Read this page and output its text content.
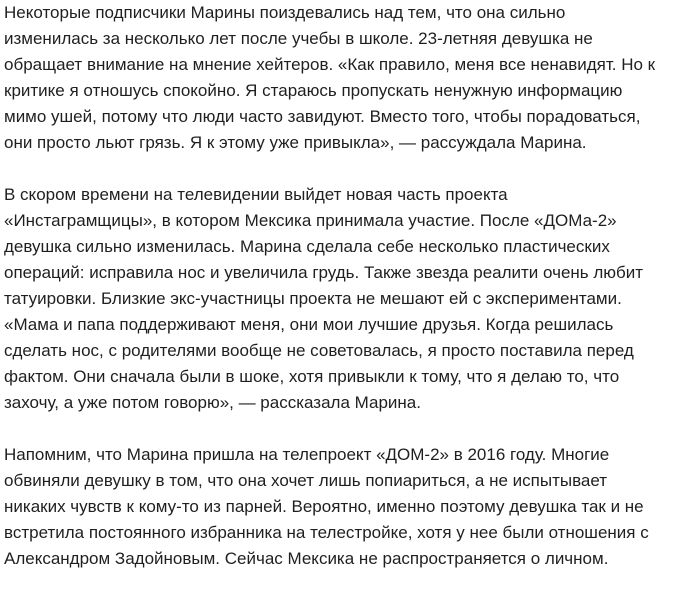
Некоторые подписчики Марины поиздевались над тем, что она сильно
изменилась за несколько лет после учебы в школе. 23-летняя девушка не
обращает внимание на мнение хейтеров. «Как правило, меня все ненавидят. Но к
критике я отношусь спокойно. Я стараюсь пропускать ненужную информацию
мимо ушей, потому что люди часто завидуют. Вместо того, чтобы порадоваться,
они просто льют грязь. Я к этому уже привыкла», — рассуждала Марина.

В скором времени на телевидении выйдет новая часть проекта
«Инстаграмщицы», в котором Мексика принимала участие. После «ДОМа-2»
девушка сильно изменилась. Марина сделала себе несколько пластических
операций: исправила нос и увеличила грудь. Также звезда реалити очень любит
татуировки. Близкие экс-участницы проекта не мешают ей с экспериментами.
«Мама и папа поддерживают меня, они мои лучшие друзья. Когда решилась
сделать нос, с родителями вообще не советовалась, я просто поставила перед
фактом. Они сначала были в шоке, хотя привыкли к тому, что я делаю то, что
захочу, а уже потом говорю», — рассказала Марина.

Напомним, что Марина пришла на телепроект «ДОМ-2» в 2016 году. Многие
обвиняли девушку в том, что она хочет лишь попиариться, а не испытывает
никаких чувств к кому-то из парней. Вероятно, именно поэтому девушка так и не
встретила постоянного избранника на телестройке, хотя у нее были отношения с
Александром Задойновым. Сейчас Мексика не распространяется о личном.
